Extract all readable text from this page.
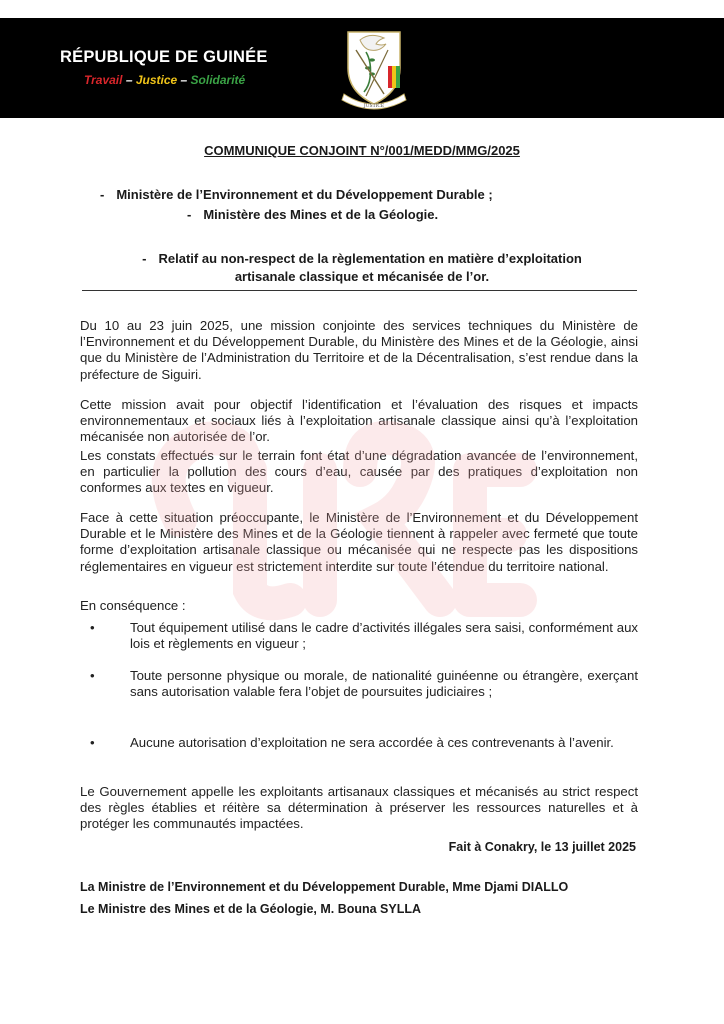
RÉPUBLIQUE DE GUINÉE
Travail – Justice – Solidarité
JUSTICE
COMMUNIQUE CONJOINT N°/001/MEDD/MMG/2025
- Ministère de l’Environnement et du Développement Durable ;
- Ministère des Mines et de la Géologie.
- Relatif au non-respect de la règlementation en matière d’exploitation
artisanale classique et mécanisée de l’or.
Du 10 au 23 juin 2025, une mission conjointe des services techniques du Ministère de l’Environnement et du Développement Durable, du Ministère des Mines et de la Géologie, ainsi que du Ministère de l’Administration du Territoire et de la Décentralisation, s’est rendue dans la préfecture de Siguiri.
Cette mission avait pour objectif l’identification et l’évaluation des risques et impacts environnementaux et sociaux liés à l’exploitation artisanale classique ainsi qu’à l’exploitation mécanisée non autorisée de l’or.
Les constats effectués sur le terrain font état d’une dégradation avancée de l’environnement, en particulier la pollution des cours d’eau, causée par des pratiques d’exploitation non conformes aux textes en vigueur.
Face à cette situation préoccupante, le Ministère de l’Environnement et du Développement Durable et le Ministère des Mines et de la Géologie tiennent à rappeler avec fermeté que toute forme d’exploitation artisanale classique ou mécanisée qui ne respecte pas les dispositions réglementaires en vigueur est strictement interdite sur toute l’étendue du territoire national.
En conséquence :
•	Tout équipement utilisé dans le cadre d’activités illégales sera saisi, conformément aux lois et règlements en vigueur ;
•	Toute personne physique ou morale, de nationalité guinéenne ou étrangère, exerçant sans autorisation valable fera l’objet de poursuites judiciaires ;
•	Aucune autorisation d’exploitation ne sera accordée à ces contrevenants à l’avenir.
Le Gouvernement appelle les exploitants artisanaux classiques et mécanisés au strict respect des règles établies et réitère sa détermination à préserver les ressources naturelles et à protéger les communautés impactées.
Fait à Conakry, le 13 juillet 2025
La Ministre de l’Environnement et du Développement Durable, Mme Djami DIALLO
Le Ministre des Mines et de la Géologie, M. Bouna SYLLA
